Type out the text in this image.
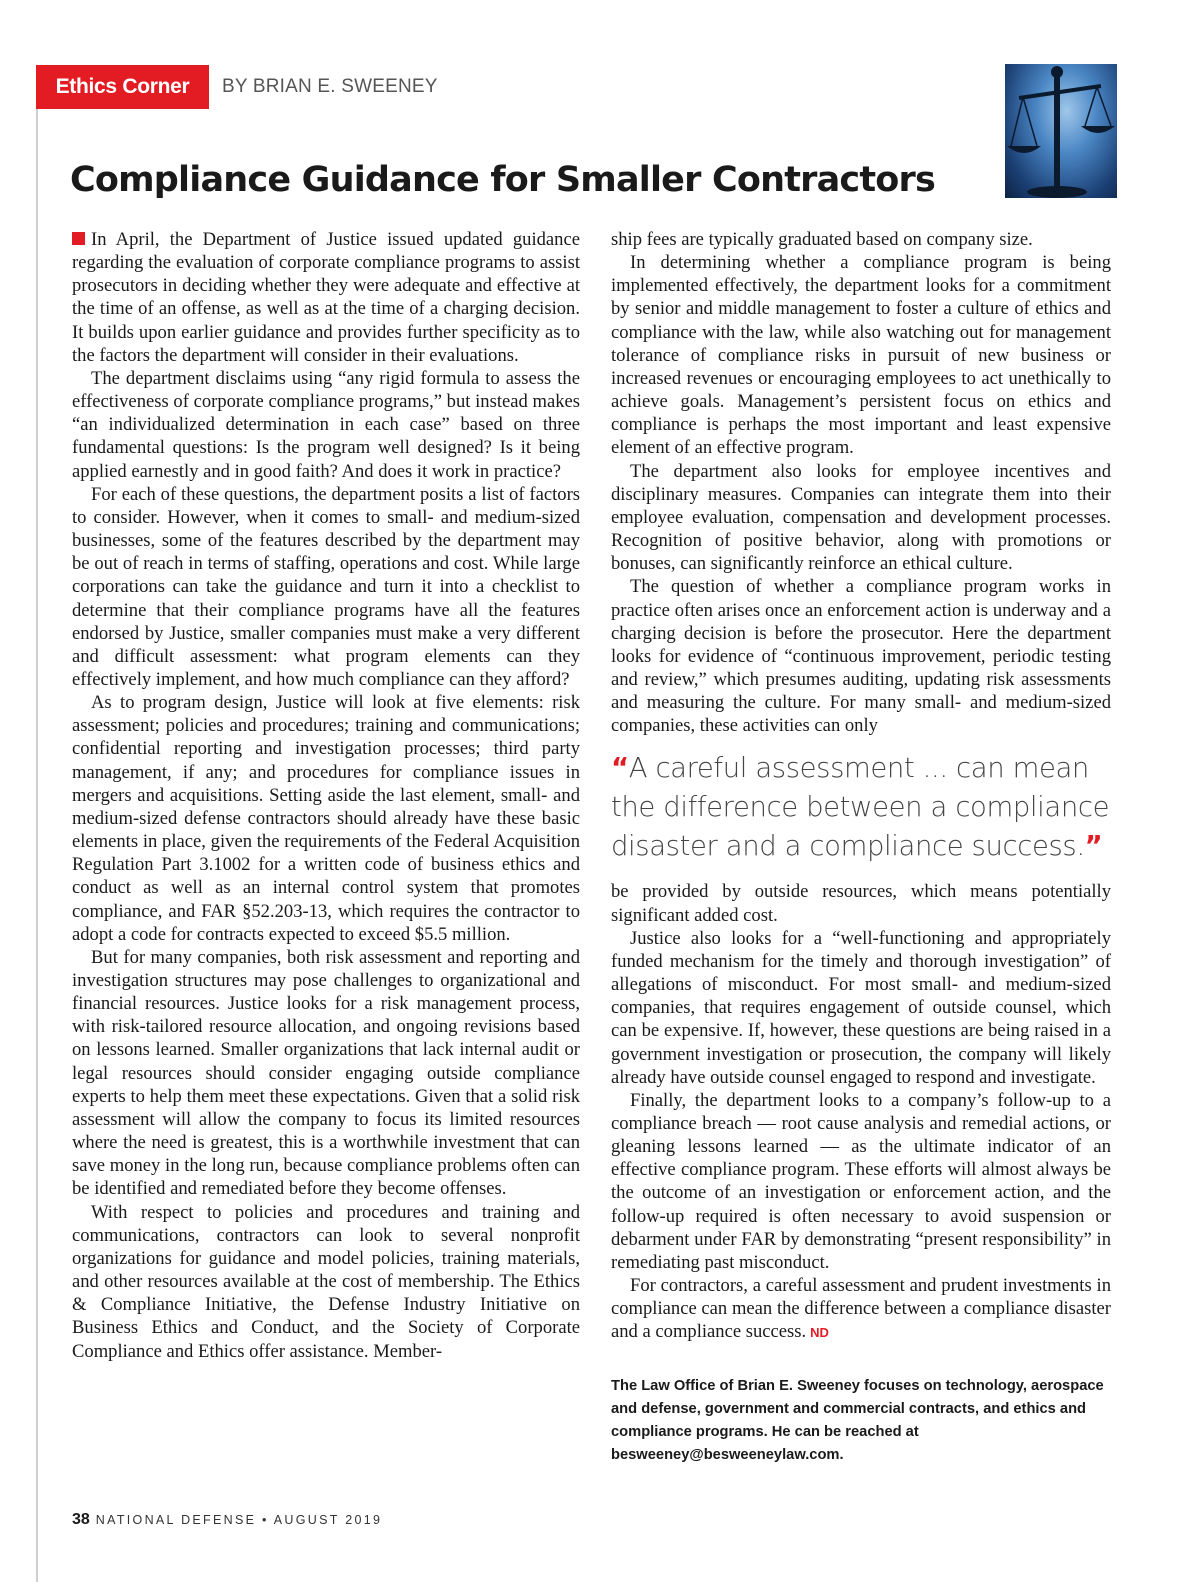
Ethics Corner	BY BRIAN E. SWEENEY
Compliance Guidance for Smaller Contractors

In April, the Department of Justice issued updated guidance regarding the evaluation of corporate compliance programs to assist prosecutors in deciding whether they were adequate and effective at the time of an offense, as well as at the time of a charging decision. It builds upon earlier guidance and provides further specificity as to the factors the department will consider in their evaluations.

The department disclaims using “any rigid formula to assess the effectiveness of corporate compliance programs,” but instead makes “an individualized determination in each case” based on three fundamental questions: Is the program well designed? Is it being applied earnestly and in good faith? And does it work in practice?

For each of these questions, the department posits a list of factors to consider. However, when it comes to small- and medium-sized businesses, some of the features described by the department may be out of reach in terms of staffing, operations and cost. While large corporations can take the guidance and turn it into a checklist to determine that their compliance programs have all the features endorsed by Justice, smaller companies must make a very different and difficult assessment: what program elements can they effectively implement, and how much compliance can they afford?

As to program design, Justice will look at five elements: risk assessment; policies and procedures; training and communications; confidential reporting and investigation processes; third party management, if any; and procedures for compliance issues in mergers and acquisitions. Setting aside the last element, small- and medium-sized defense contractors should already have these basic elements in place, given the requirements of the Federal Acquisition Regulation Part 3.1002 for a written code of business ethics and conduct as well as an internal control system that promotes compliance, and FAR §52.203-13, which requires the contractor to adopt a code for contracts expected to exceed $5.5 million.

But for many companies, both risk assessment and reporting and investigation structures may pose challenges to organizational and financial resources. Justice looks for a risk management process, with risk-tailored resource allocation, and ongoing revisions based on lessons learned. Smaller organizations that lack internal audit or legal resources should consider engaging outside compliance experts to help them meet these expectations. Given that a solid risk assessment will allow the company to focus its limited resources where the need is greatest, this is a worthwhile investment that can save money in the long run, because compliance problems often can be identified and remediated before they become offenses.

With respect to policies and procedures and training and communications, contractors can look to several nonprofit organizations for guidance and model policies, training materials, and other resources available at the cost of membership. The Ethics & Compliance Initiative, the Defense Industry Initiative on Business Ethics and Conduct, and the Society of Corporate Compliance and Ethics offer assistance. Member-

ship fees are typically graduated based on company size.

In determining whether a compliance program is being implemented effectively, the department looks for a commitment by senior and middle management to foster a culture of ethics and compliance with the law, while also watching out for management tolerance of compliance risks in pursuit of new business or increased revenues or encouraging employees to act unethically to achieve goals. Management’s persistent focus on ethics and compliance is perhaps the most important and least expensive element of an effective program.

The department also looks for employee incentives and disciplinary measures. Companies can integrate them into their employee evaluation, compensation and development processes. Recognition of positive behavior, along with promotions or bonuses, can significantly reinforce an ethical culture.

The question of whether a compliance program works in practice often arises once an enforcement action is underway and a charging decision is before the prosecutor. Here the department looks for evidence of “continuous improvement, periodic testing and review,” which presumes auditing, updating risk assessments and measuring the culture. For many small- and medium-sized companies, these activities can only

“A careful assessment ... can mean the difference between a compliance disaster and a compliance success.”

be provided by outside resources, which means potentially significant added cost.

Justice also looks for a “well-functioning and appropriately funded mechanism for the timely and thorough investigation” of allegations of misconduct. For most small- and medium-sized companies, that requires engagement of outside counsel, which can be expensive. If, however, these questions are being raised in a government investigation or prosecution, the company will likely already have outside counsel engaged to respond and investigate.

Finally, the department looks to a company’s follow-up to a compliance breach — root cause analysis and remedial actions, or gleaning lessons learned — as the ultimate indicator of an effective compliance program. These efforts will almost always be the outcome of an investigation or enforcement action, and the follow-up required is often necessary to avoid suspension or debarment under FAR by demonstrating “present responsibility” in remediating past misconduct.

For contractors, a careful assessment and prudent investments in compliance can mean the difference between a compliance disaster and a compliance success. ND

The Law Office of Brian E. Sweeney focuses on technology, aerospace and defense, government and commercial contracts, and ethics and compliance programs. He can be reached at besweeney@besweeneylaw.com.
38 NATIONAL DEFENSE • AUGUST 2019
